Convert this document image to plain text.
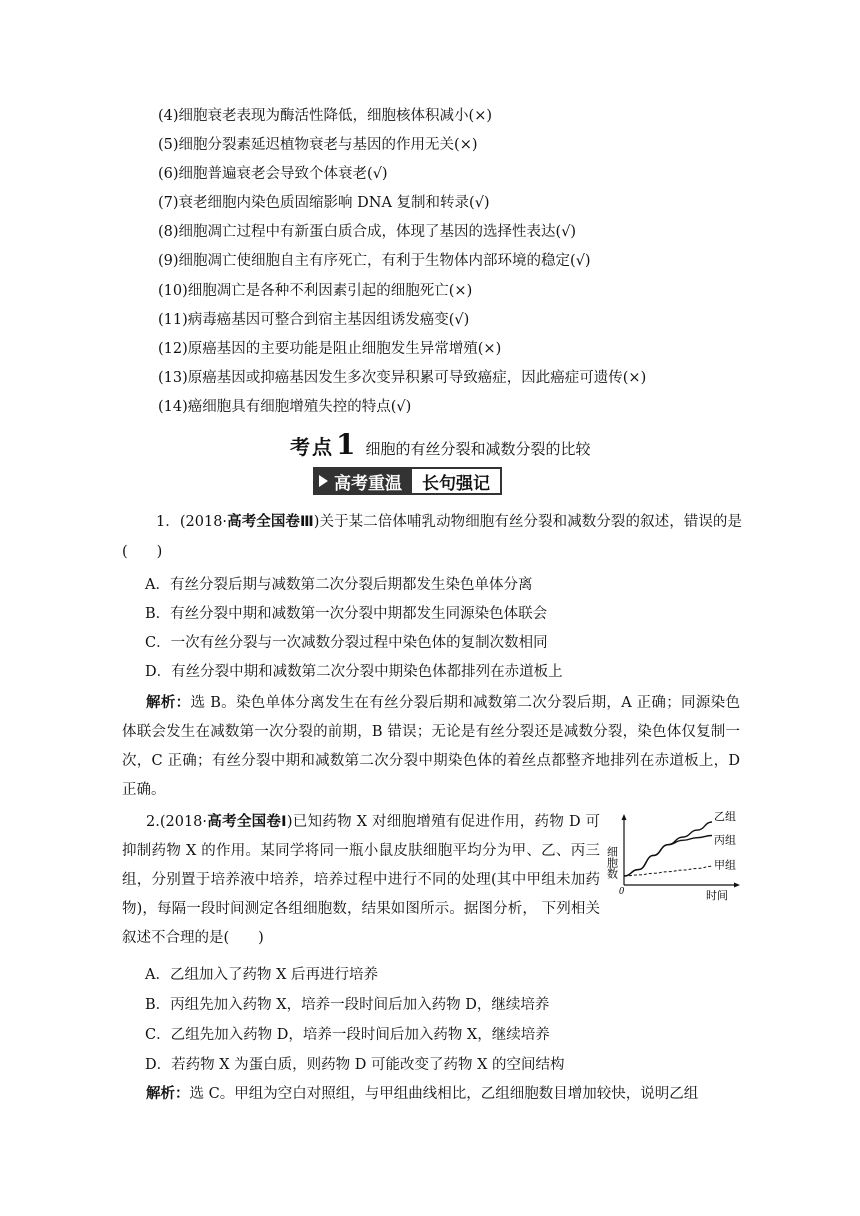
(4)细胞衰老表现为酶活性降低，细胞核体积减小(×)
(5)细胞分裂素延迟植物衰老与基因的作用无关(×)
(6)细胞普遍衰老会导致个体衰老(√)
(7)衰老细胞内染色质固缩影响 DNA 复制和转录(√)
(8)细胞凋亡过程中有新蛋白质合成，体现了基因的选择性表达(√)
(9)细胞凋亡使细胞自主有序死亡，有利于生物体内部环境的稳定(√)
(10)细胞凋亡是各种不利因素引起的细胞死亡(×)
(11)病毒癌基因可整合到宿主基因组诱发癌变(√)
(12)原癌基因的主要功能是阻止细胞发生异常增殖(×)
(13)原癌基因或抑癌基因发生多次变异积累可导致癌症，因此癌症可遗传(×)
(14)癌细胞具有细胞增殖失控的特点(√)
考点 1 细胞的有丝分裂和减数分裂的比较
高考重温 长句强记
1．(2018·高考全国卷Ⅲ)关于某二倍体哺乳动物细胞有丝分裂和减数分裂的叙述，错误的是(　　)
A．有丝分裂后期与减数第二次分裂后期都发生染色单体分离
B．有丝分裂中期和减数第一次分裂中期都发生同源染色体联会
C．一次有丝分裂与一次减数分裂过程中染色体的复制次数相同
D．有丝分裂中期和减数第二次分裂中期染色体都排列在赤道板上
解析：选 B。染色单体分离发生在有丝分裂后期和减数第二次分裂后期，A 正确；同源染色体联会发生在减数第一次分裂的前期，B 错误；无论是有丝分裂还是减数分裂，染色体仅复制一次，C 正确；有丝分裂中期和减数第二次分裂中期染色体的着丝点都整齐地排列在赤道板上，D 正确。
2.(2018·高考全国卷Ⅰ)已知药物 X 对细胞增殖有促进作用，药物 D 可抑制药物 X 的作用。某同学将同一瓶小鼠皮肤细胞平均分为甲、乙、丙三组，分别置于培养液中培养，培养过程中进行不同的处理(其中甲组未加药物)，每隔一段时间测定各组细胞数，结果如图所示。据图分析， 下列相关叙述不合理的是(　　)
0	时间
细胞数
乙组
丙组
甲组
A．乙组加入了药物 X 后再进行培养
B．丙组先加入药物 X，培养一段时间后加入药物 D，继续培养
C．乙组先加入药物 D，培养一段时间后加入药物 X，继续培养
D．若药物 X 为蛋白质，则药物 D 可能改变了药物 X 的空间结构
解析：选 C。甲组为空白对照组，与甲组曲线相比，乙组细胞数目增加较快，说明乙组
